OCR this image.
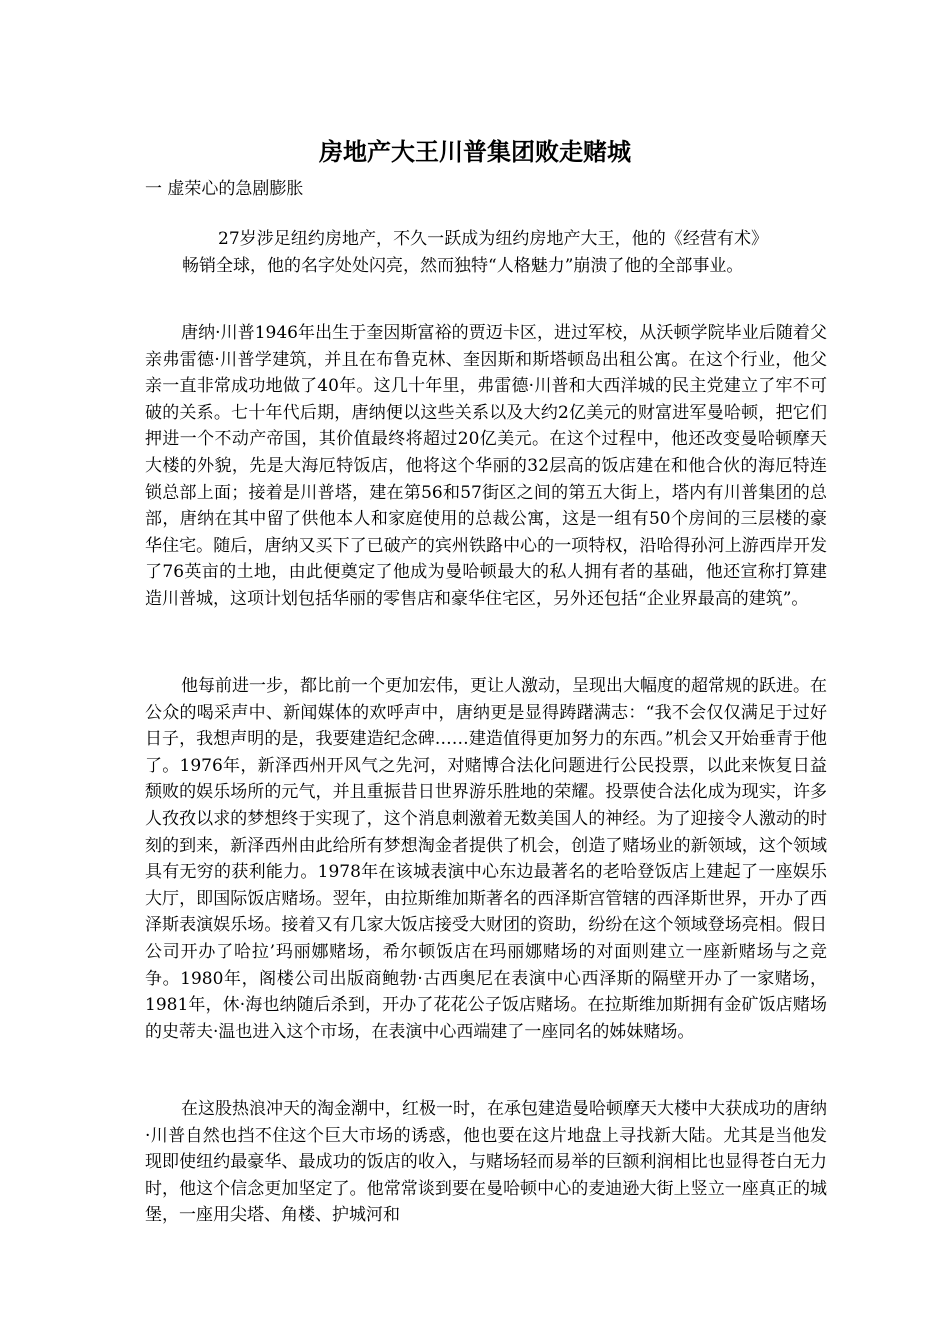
房地产大王川普集团败走赌城

一 虚荣心的急剧膨胀

27岁涉足纽约房地产，不久一跃成为纽约房地产大王，他的《经营有术》畅销全球，他的名字处处闪亮，然而独特“人格魅力”崩溃了他的全部事业。

唐纳·川普1946年出生于奎因斯富裕的贾迈卡区，进过军校，从沃顿学院毕业后随着父亲弗雷德·川普学建筑，并且在布鲁克林、奎因斯和斯塔顿岛出租公寓。在这个行业，他父亲一直非常成功地做了40年。这几十年里，弗雷德·川普和大西洋城的民主党建立了牢不可破的关系。七十年代后期，唐纳便以这些关系以及大约2亿美元的财富进军曼哈顿，把它们押进一个不动产帝国，其价值最终将超过20亿美元。在这个过程中，他还改变曼哈顿摩天大楼的外貌，先是大海厄特饭店，他将这个华丽的32层高的饭店建在和他合伙的海厄特连锁总部上面；接着是川普塔，建在第56和57街区之间的第五大街上，塔内有川普集团的总部，唐纳在其中留了供他本人和家庭使用的总裁公寓，这是一组有50个房间的三层楼的豪华住宅。随后，唐纳又买下了已破产的宾州铁路中心的一项特权，沿哈得孙河上游西岸开发了76英亩的土地，由此便奠定了他成为曼哈顿最大的私人拥有者的基础，他还宣称打算建造川普城，这项计划包括华丽的零售店和豪华住宅区，另外还包括“企业界最高的建筑”。

他每前进一步，都比前一个更加宏伟，更让人激动，呈现出大幅度的超常规的跃进。在公众的喝采声中、新闻媒体的欢呼声中，唐纳更是显得踌躇满志：“我不会仅仅满足于过好日子，我想声明的是，我要建造纪念碑……建造值得更加努力的东西。”机会又开始垂青于他了。1976年，新泽西州开风气之先河，对赌博合法化问题进行公民投票，以此来恢复日益颓败的娱乐场所的元气，并且重振昔日世界游乐胜地的荣耀。投票使合法化成为现实，许多人孜孜以求的梦想终于实现了，这个消息刺激着无数美国人的神经。为了迎接令人激动的时刻的到来，新泽西州由此给所有梦想淘金者提供了机会，创造了赌场业的新领域，这个领域具有无穷的获利能力。1978年在该城表演中心东边最著名的老哈登饭店上建起了一座娱乐大厅，即国际饭店赌场。翌年，由拉斯维加斯著名的西泽斯宫管辖的西泽斯世界，开办了西泽斯表演娱乐场。接着又有几家大饭店接受大财团的资助，纷纷在这个领域登场亮相。假日公司开办了哈拉’玛丽娜赌场，希尔顿饭店在玛丽娜赌场的对面则建立一座新赌场与之竞争。1980年，阁楼公司出版商鲍勃·古西奥尼在表演中心西泽斯的隔壁开办了一家赌场，1981年，休·海也纳随后杀到，开办了花花公子饭店赌场。在拉斯维加斯拥有金矿饭店赌场的史蒂夫·温也进入这个市场，在表演中心西端建了一座同名的姊妹赌场。

在这股热浪冲天的淘金潮中，红极一时，在承包建造曼哈顿摩天大楼中大获成功的唐纳·川普自然也挡不住这个巨大市场的诱惑，他也要在这片地盘上寻找新大陆。尤其是当他发现即使纽约最豪华、最成功的饭店的收入，与赌场轻而易举的巨额利润相比也显得苍白无力时，他这个信念更加坚定了。他常常谈到要在曼哈顿中心的麦迪逊大街上竖立一座真正的城堡，一座用尖塔、角楼、护城河和
